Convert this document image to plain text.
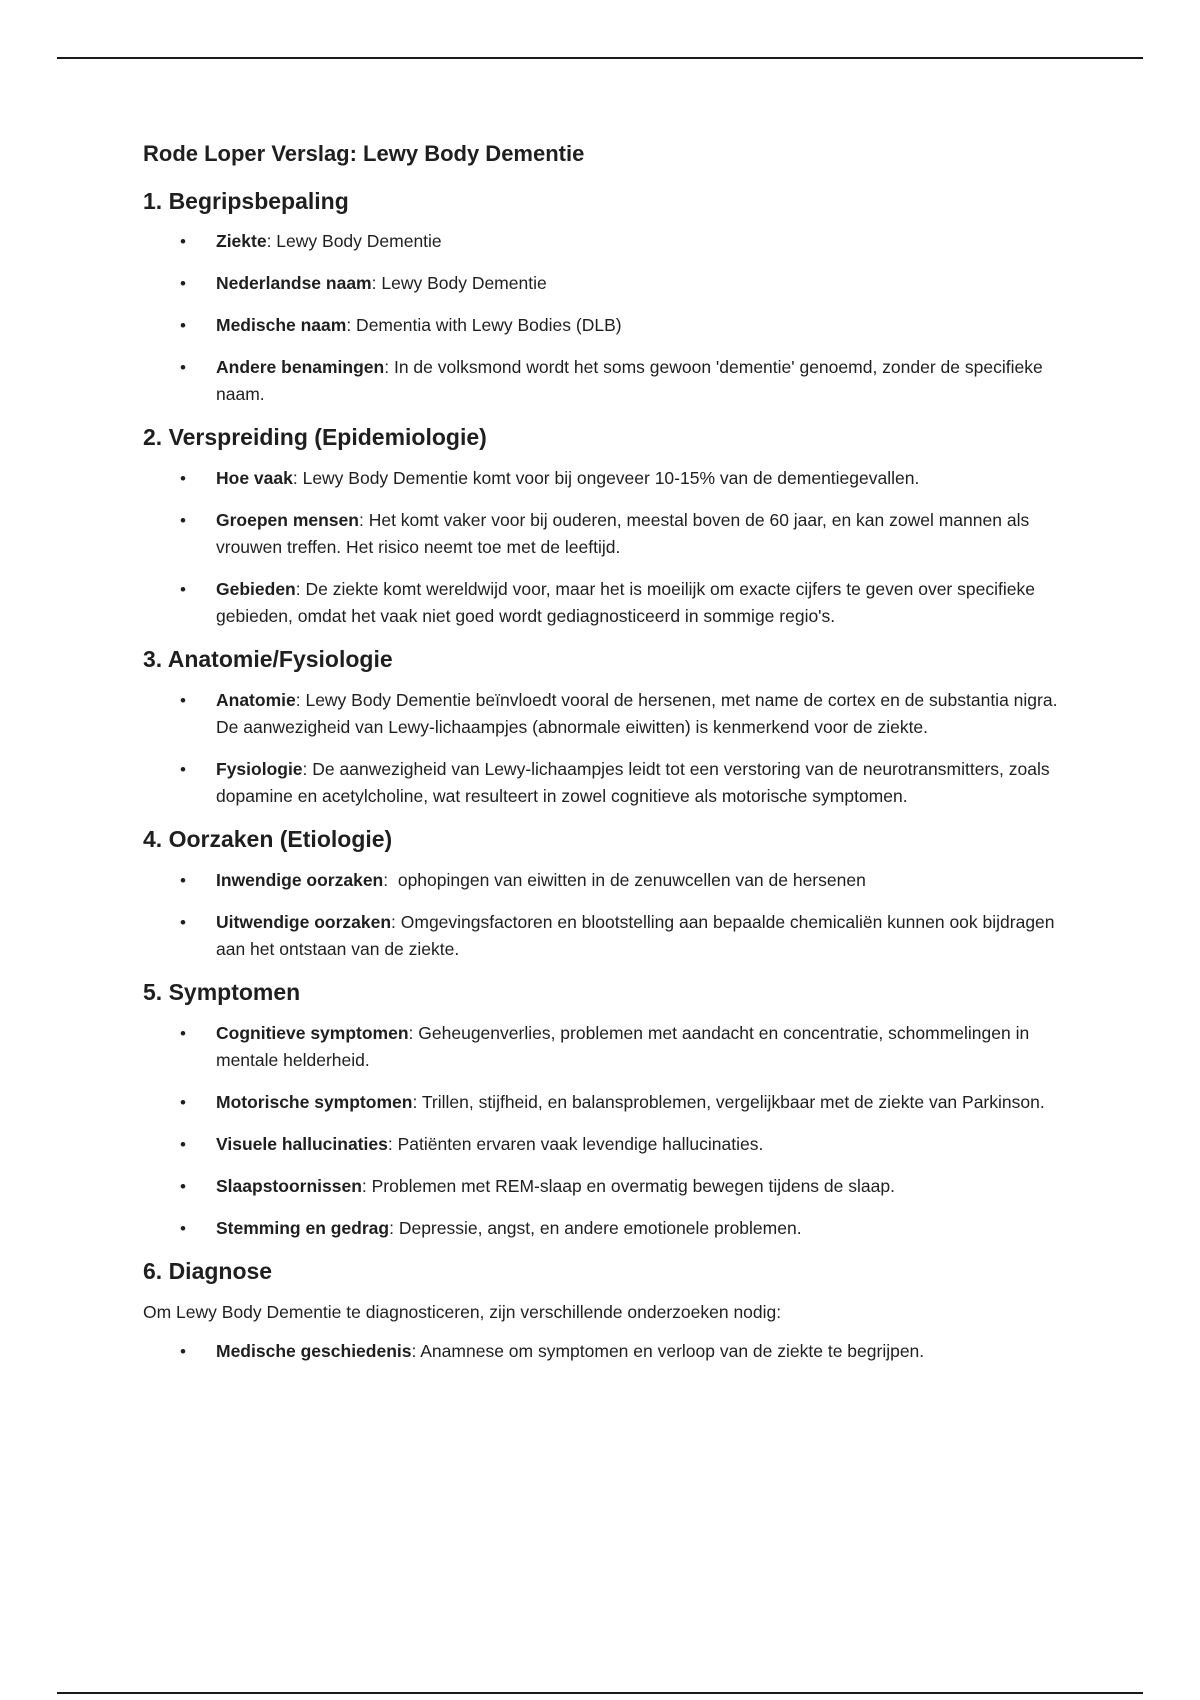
Rode Loper Verslag: Lewy Body Dementie
1. Begripsbepaling
• Ziekte: Lewy Body Dementie
• Nederlandse naam: Lewy Body Dementie
• Medische naam: Dementia with Lewy Bodies (DLB)
• Andere benamingen: In de volksmond wordt het soms gewoon 'dementie' genoemd, zonder de specifieke naam.
2. Verspreiding (Epidemiologie)
• Hoe vaak: Lewy Body Dementie komt voor bij ongeveer 10-15% van de dementiegevallen.
• Groepen mensen: Het komt vaker voor bij ouderen, meestal boven de 60 jaar, en kan zowel mannen als vrouwen treffen. Het risico neemt toe met de leeftijd.
• Gebieden: De ziekte komt wereldwijd voor, maar het is moeilijk om exacte cijfers te geven over specifieke gebieden, omdat het vaak niet goed wordt gediagnosticeerd in sommige regio's.
3. Anatomie/Fysiologie
• Anatomie: Lewy Body Dementie beïnvloedt vooral de hersenen, met name de cortex en de substantia nigra. De aanwezigheid van Lewy-lichaampjes (abnormale eiwitten) is kenmerkend voor de ziekte.
• Fysiologie: De aanwezigheid van Lewy-lichaampjes leidt tot een verstoring van de neurotransmitters, zoals dopamine en acetylcholine, wat resulteert in zowel cognitieve als motorische symptomen.
4. Oorzaken (Etiologie)
• Inwendige oorzaken:  ophopingen van eiwitten in de zenuwcellen van de hersenen
• Uitwendige oorzaken: Omgevingsfactoren en blootstelling aan bepaalde chemicaliën kunnen ook bijdragen aan het ontstaan van de ziekte.
5. Symptomen
• Cognitieve symptomen: Geheugenverlies, problemen met aandacht en concentratie, schommelingen in mentale helderheid.
• Motorische symptomen: Trillen, stijfheid, en balansproblemen, vergelijkbaar met de ziekte van Parkinson.
• Visuele hallucinaties: Patiënten ervaren vaak levendige hallucinaties.
• Slaapstoornissen: Problemen met REM-slaap en overmatig bewegen tijdens de slaap.
• Stemming en gedrag: Depressie, angst, en andere emotionele problemen.
6. Diagnose

Om Lewy Body Dementie te diagnosticeren, zijn verschillende onderzoeken nodig:

• Medische geschiedenis: Anamnese om symptomen en verloop van de ziekte te begrijpen.
